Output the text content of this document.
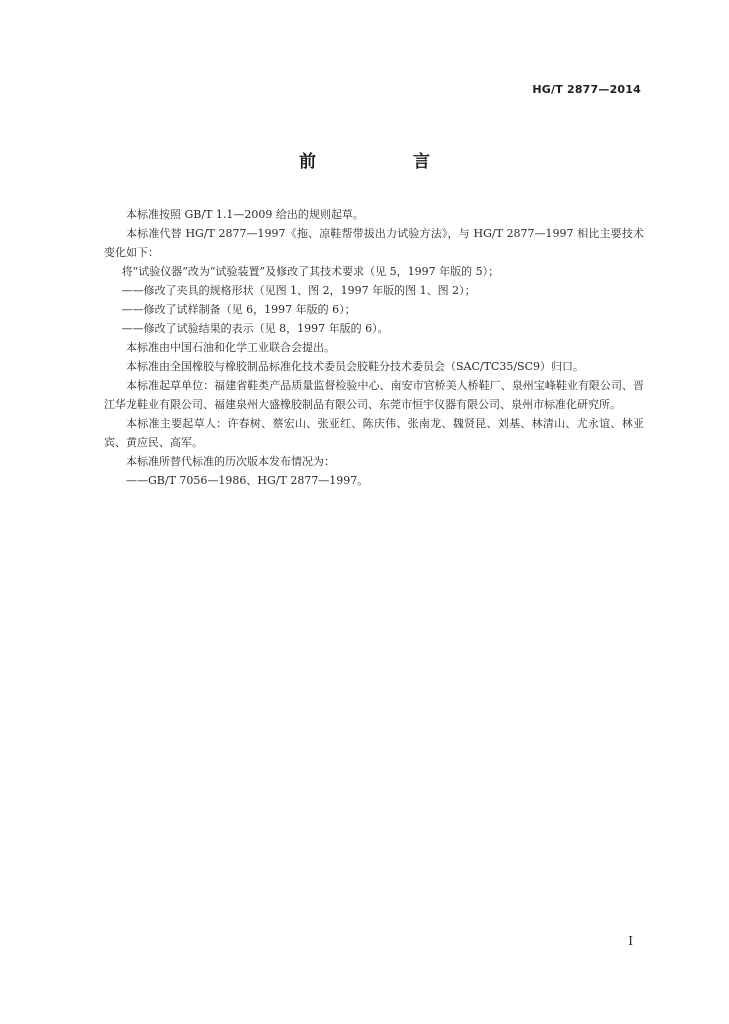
HG/T 2877—2014
前　言

本标准按照 GB/T 1.1—2009 给出的规则起草。

本标准代替 HG/T 2877—1997《拖、凉鞋帮带拔出力试验方法》，与 HG/T 2877—1997 相比主要技术变化如下：

将“试验仪器”改为“试验装置”及修改了其技术要求（见 5，1997 年版的 5）；

——修改了夹具的规格形状（见图 1、图 2，1997 年版的图 1、图 2）；

——修改了试样制备（见 6，1997 年版的 6）；

——修改了试验结果的表示（见 8，1997 年版的 6）。

本标准由中国石油和化学工业联合会提出。

本标准由全国橡胶与橡胶制品标准化技术委员会胶鞋分技术委员会（SAC/TC35/SC9）归口。

本标准起草单位：福建省鞋类产品质量监督检验中心、南安市官桥美人桥鞋厂、泉州宝峰鞋业有限公司、晋江华龙鞋业有限公司、福建泉州大盛橡胶制品有限公司、东莞市恒宇仪器有限公司、泉州市标准化研究所。

本标准主要起草人：许春树、蔡宏山、张亚红、陈庆伟、张南龙、魏贤昆、刘基、林清山、尤永谊、林亚宾、黄应民、高军。

本标准所替代标准的历次版本发布情况为：

——GB/T 7056—1986、HG/T 2877—1997。

I
